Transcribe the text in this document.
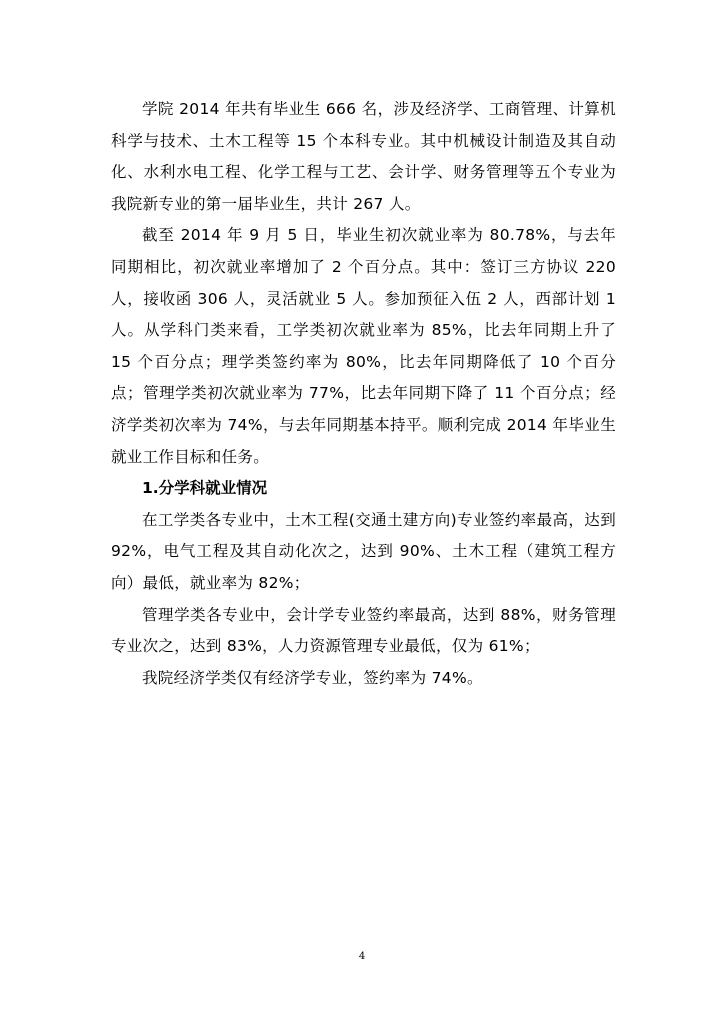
学院 2014 年共有毕业生 666 名，涉及经济学、工商管理、计算机科学与技术、土木工程等 15 个本科专业。其中机械设计制造及其自动化、水利水电工程、化学工程与工艺、会计学、财务管理等五个专业为我院新专业的第一届毕业生，共计 267 人。

截至 2014 年 9 月 5 日，毕业生初次就业率为 80.78%，与去年同期相比，初次就业率增加了 2 个百分点。其中：签订三方协议 220 人，接收函 306 人，灵活就业 5 人。参加预征入伍 2 人，西部计划 1 人。从学科门类来看，工学类初次就业率为 85%，比去年同期上升了 15 个百分点；理学类签约率为 80%，比去年同期降低了 10 个百分点；管理学类初次就业率为 77%，比去年同期下降了 11 个百分点；经济学类初次率为 74%，与去年同期基本持平。顺利完成 2014 年毕业生就业工作目标和任务。

1.分学科就业情况

在工学类各专业中，土木工程(交通土建方向)专业签约率最高，达到 92%，电气工程及其自动化次之，达到 90%、土木工程（建筑工程方向）最低，就业率为 82%；

管理学类各专业中，会计学专业签约率最高，达到 88%，财务管理专业次之，达到 83%，人力资源管理专业最低，仅为 61%；

我院经济学类仅有经济学专业，签约率为 74%。

4
